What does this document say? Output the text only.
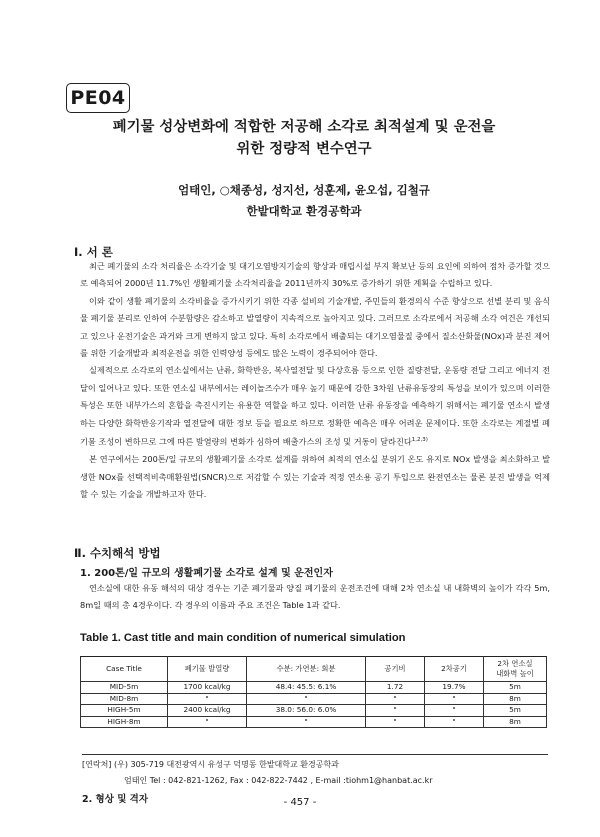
PE04
폐기물 성상변화에 적합한 저공해 소각로 최적설계 및 운전을
위한 정량적 변수연구
엄태인, ○채종성, 성지선, 성훈제, 윤오섭, 김철규
한밭대학교 환경공학과
Ⅰ. 서 론

최근 폐기물의 소각 처리율은 소각기술 및 대기오염방지기술의 향상과 매립시설 부지 확보난 등의 요인에 의하여 점차 증가할 것으로 예측되어 2000년 11.7%인 생활폐기물 소각처리율을 2011년까지 30%로 증가하기 위한 계획을 수립하고 있다.

이와 같이 생활 폐기물의 소각비율을 증가시키기 위한 각종 설비의 기술개발, 주민들의 환경의식 수준 향상으로 선별 분리 및 음식물 폐기물 분리로 인하여 수분함량은 감소하고 발열량이 지속적으로 높아지고 있다. 그러므로 소각로에서 저공해 소각 여건은 개선되고 있으나 운전기술은 과거와 크게 변하지 않고 있다. 특히 소각로에서 배출되는 대기오염물질 중에서 질소산화물(NOx)과 분진 제어를 위한 기술개발과 최적운전을 위한 인력양성 등에도 많은 노력이 경주되어야 한다.

실제적으로 소각로의 연소실에서는 난류, 화학반응, 복사열전달 및 다상흐름 등으로 인한 질량전달, 운동량 전달 그리고 에너지 전달이 일어나고 있다. 또한 연소실 내부에서는 레이놀즈수가 매우 높기 때문에 강한 3차원 난류유동장의 특성을 보이가 있으며 이러한 특성은 또한 내부가스의 혼합을 촉진시키는 유용한 역할을 하고 있다. 이러한 난류 유동장을 예측하기 위해서는 폐기물 연소시 발생하는 다양한 화학반응기작과 열전달에 대한 정보 등을 필요로 하므로 정확한 예측은 매우 어려운 문제이다. 또한 소각로는 계절별 폐기물 조성이 변하므로 그에 따른 발열량의 변화가 심하여 배출가스의 조성 및 거동이 달라진다$^{1,2,3)}$

본 연구에서는 200톤/일 규모의 생활폐기물 소각로 설계를 위하여 최적의 연소실 분위기 온도 유지로 NOx 발생을 최소화하고 발생한 NOx를 선택적비촉매환원법(SNCR)으로 저감할 수 있는 기술과 적정 연소용 공기 투입으로 완전연소는 물론 분진 발생을 억제할 수 있는 기술을 개발하고자 한다.

Ⅱ. 수치해석 방법
1. 200톤/일 규모의 생활폐기물 소각로 설계 및 운전인자

연소실에 대한 유동 해석의 대상 경우는 기준 폐기물과 양질 폐기물의 운전조건에 대해 2차 연소실 내 내화벽의 높이가 각각 5m, 8m일 때의 총 4경우이다. 각 경우의 이름과 주요 조건은 Table 1과 같다.

Table 1. Cast title and main condition of numerical simulation
Case Title	폐기물 발열량	수분: 가연분: 회분	공기비	2차공기	2차 연소실
내화벽 높이
MID-5m	1700 kcal/kg	48.4: 45.5: 6.1%	1.72	19.7%	5m
MID-8m	"	"	"	"	8m
HIGH-5m	2400 kcal/kg	38.0: 56.0: 6.0%	"	"	5m
HIGH-8m	"	"	"	"	8m
[연락처] (우) 305-719 대전광역시 유성구 덕명동 한밭대학교 환경공학과
엄태인 Tel : 042-821-1262, Fax : 042-822-7442 , E-mail :tiohm1@hanbat.ac.kr
2. 형상 및 격자	- 457 -
